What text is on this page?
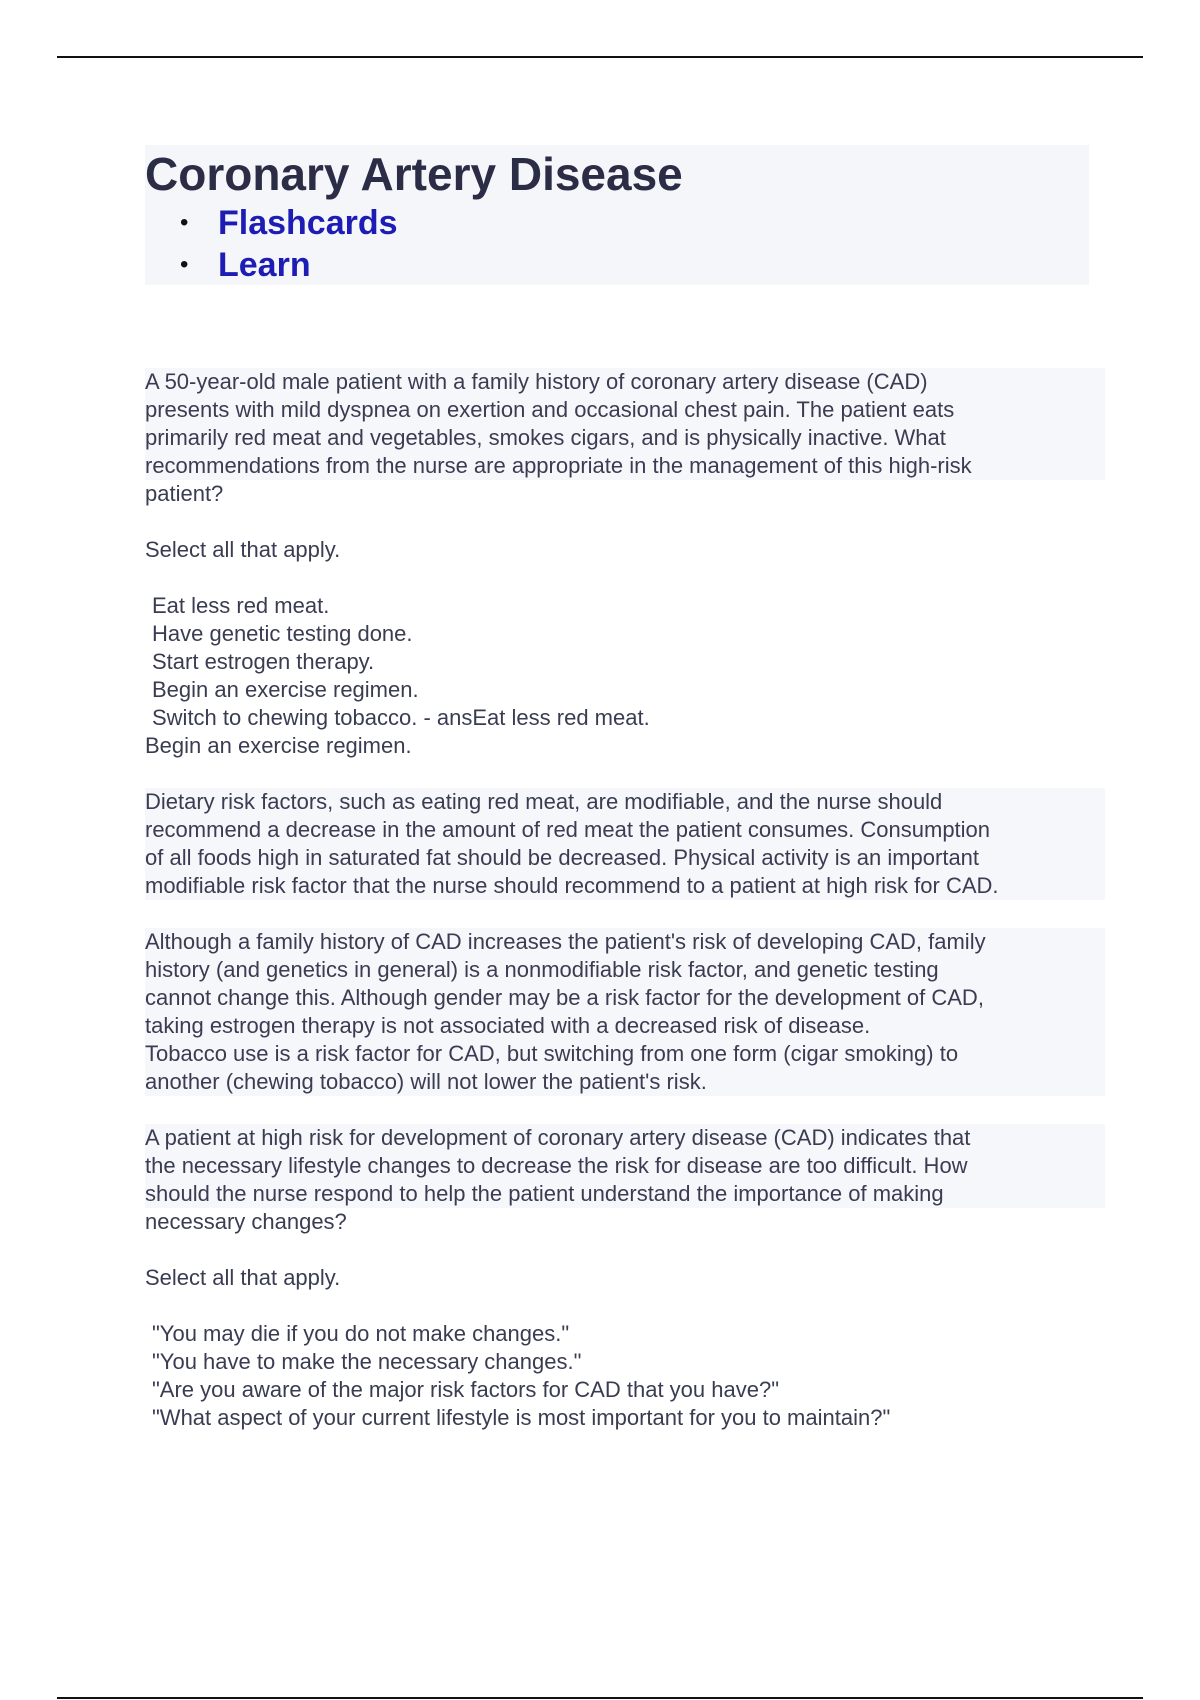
Coronary Artery Disease
• Flashcards
• Learn

A 50-year-old male patient with a family history of coronary artery disease (CAD)
presents with mild dyspnea on exertion and occasional chest pain. The patient eats
primarily red meat and vegetables, smokes cigars, and is physically inactive. What
recommendations from the nurse are appropriate in the management of this high-risk
patient?

Select all that apply.

Eat less red meat.
Have genetic testing done.
Start estrogen therapy.
Begin an exercise regimen.
Switch to chewing tobacco. - ansEat less red meat.
Begin an exercise regimen.

Dietary risk factors, such as eating red meat, are modifiable, and the nurse should
recommend a decrease in the amount of red meat the patient consumes. Consumption
of all foods high in saturated fat should be decreased. Physical activity is an important
modifiable risk factor that the nurse should recommend to a patient at high risk for CAD.

Although a family history of CAD increases the patient's risk of developing CAD, family
history (and genetics in general) is a nonmodifiable risk factor, and genetic testing
cannot change this. Although gender may be a risk factor for the development of CAD,
taking estrogen therapy is not associated with a decreased risk of disease.
Tobacco use is a risk factor for CAD, but switching from one form (cigar smoking) to
another (chewing tobacco) will not lower the patient's risk.

A patient at high risk for development of coronary artery disease (CAD) indicates that
the necessary lifestyle changes to decrease the risk for disease are too difficult. How
should the nurse respond to help the patient understand the importance of making
necessary changes?

Select all that apply.

"You may die if you do not make changes."
"You have to make the necessary changes."
"Are you aware of the major risk factors for CAD that you have?"
"What aspect of your current lifestyle is most important for you to maintain?"
